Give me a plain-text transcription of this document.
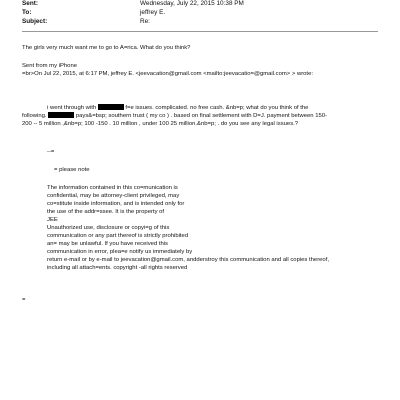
Sent:	Wednesday, July 22, 2015 10:38 PM
To:	jeffrey E.
Subject:	Re:
The girls very much want me to go to A=rica. What do you think?
Sent from my iPhone
=br>On Jul 22, 2015, at 6:17 PM, jeffrey E. <jeevacation@gmail.com <mailto:jeevacatio=@gmail.com> > wrote:
i went through with	f=e issues. complicated. no free cash. &nb=p; what do you think of the
following.	pays&=bsp; southern trust ( my co ) . based on final settlement with D=J. payment between 150-
200 -- 5 million ,&nb=p; 100 -150 . 10 million , under 100 25 million.&nb=p; . do you see any legal issues.?
--=
= please note
The information contained in this co=munication is
confidential, may be attorney-client privileged, may
co=stitute inside information, and is intended only for
the use of the addr=ssee. It is the property of
JEE
Unauthorized use, disclosure or copyi=g of this
communication or any part thereof is strictly prohibited
an= may be unlawful. If you have received this
communication in error, plea=e notify us immediately by
return e-mail or by e-mail to jeevacation@gmail.com, andderstroy this communication and all copies thereof,
including all attach=ents. copyright -all rights reserved
=
